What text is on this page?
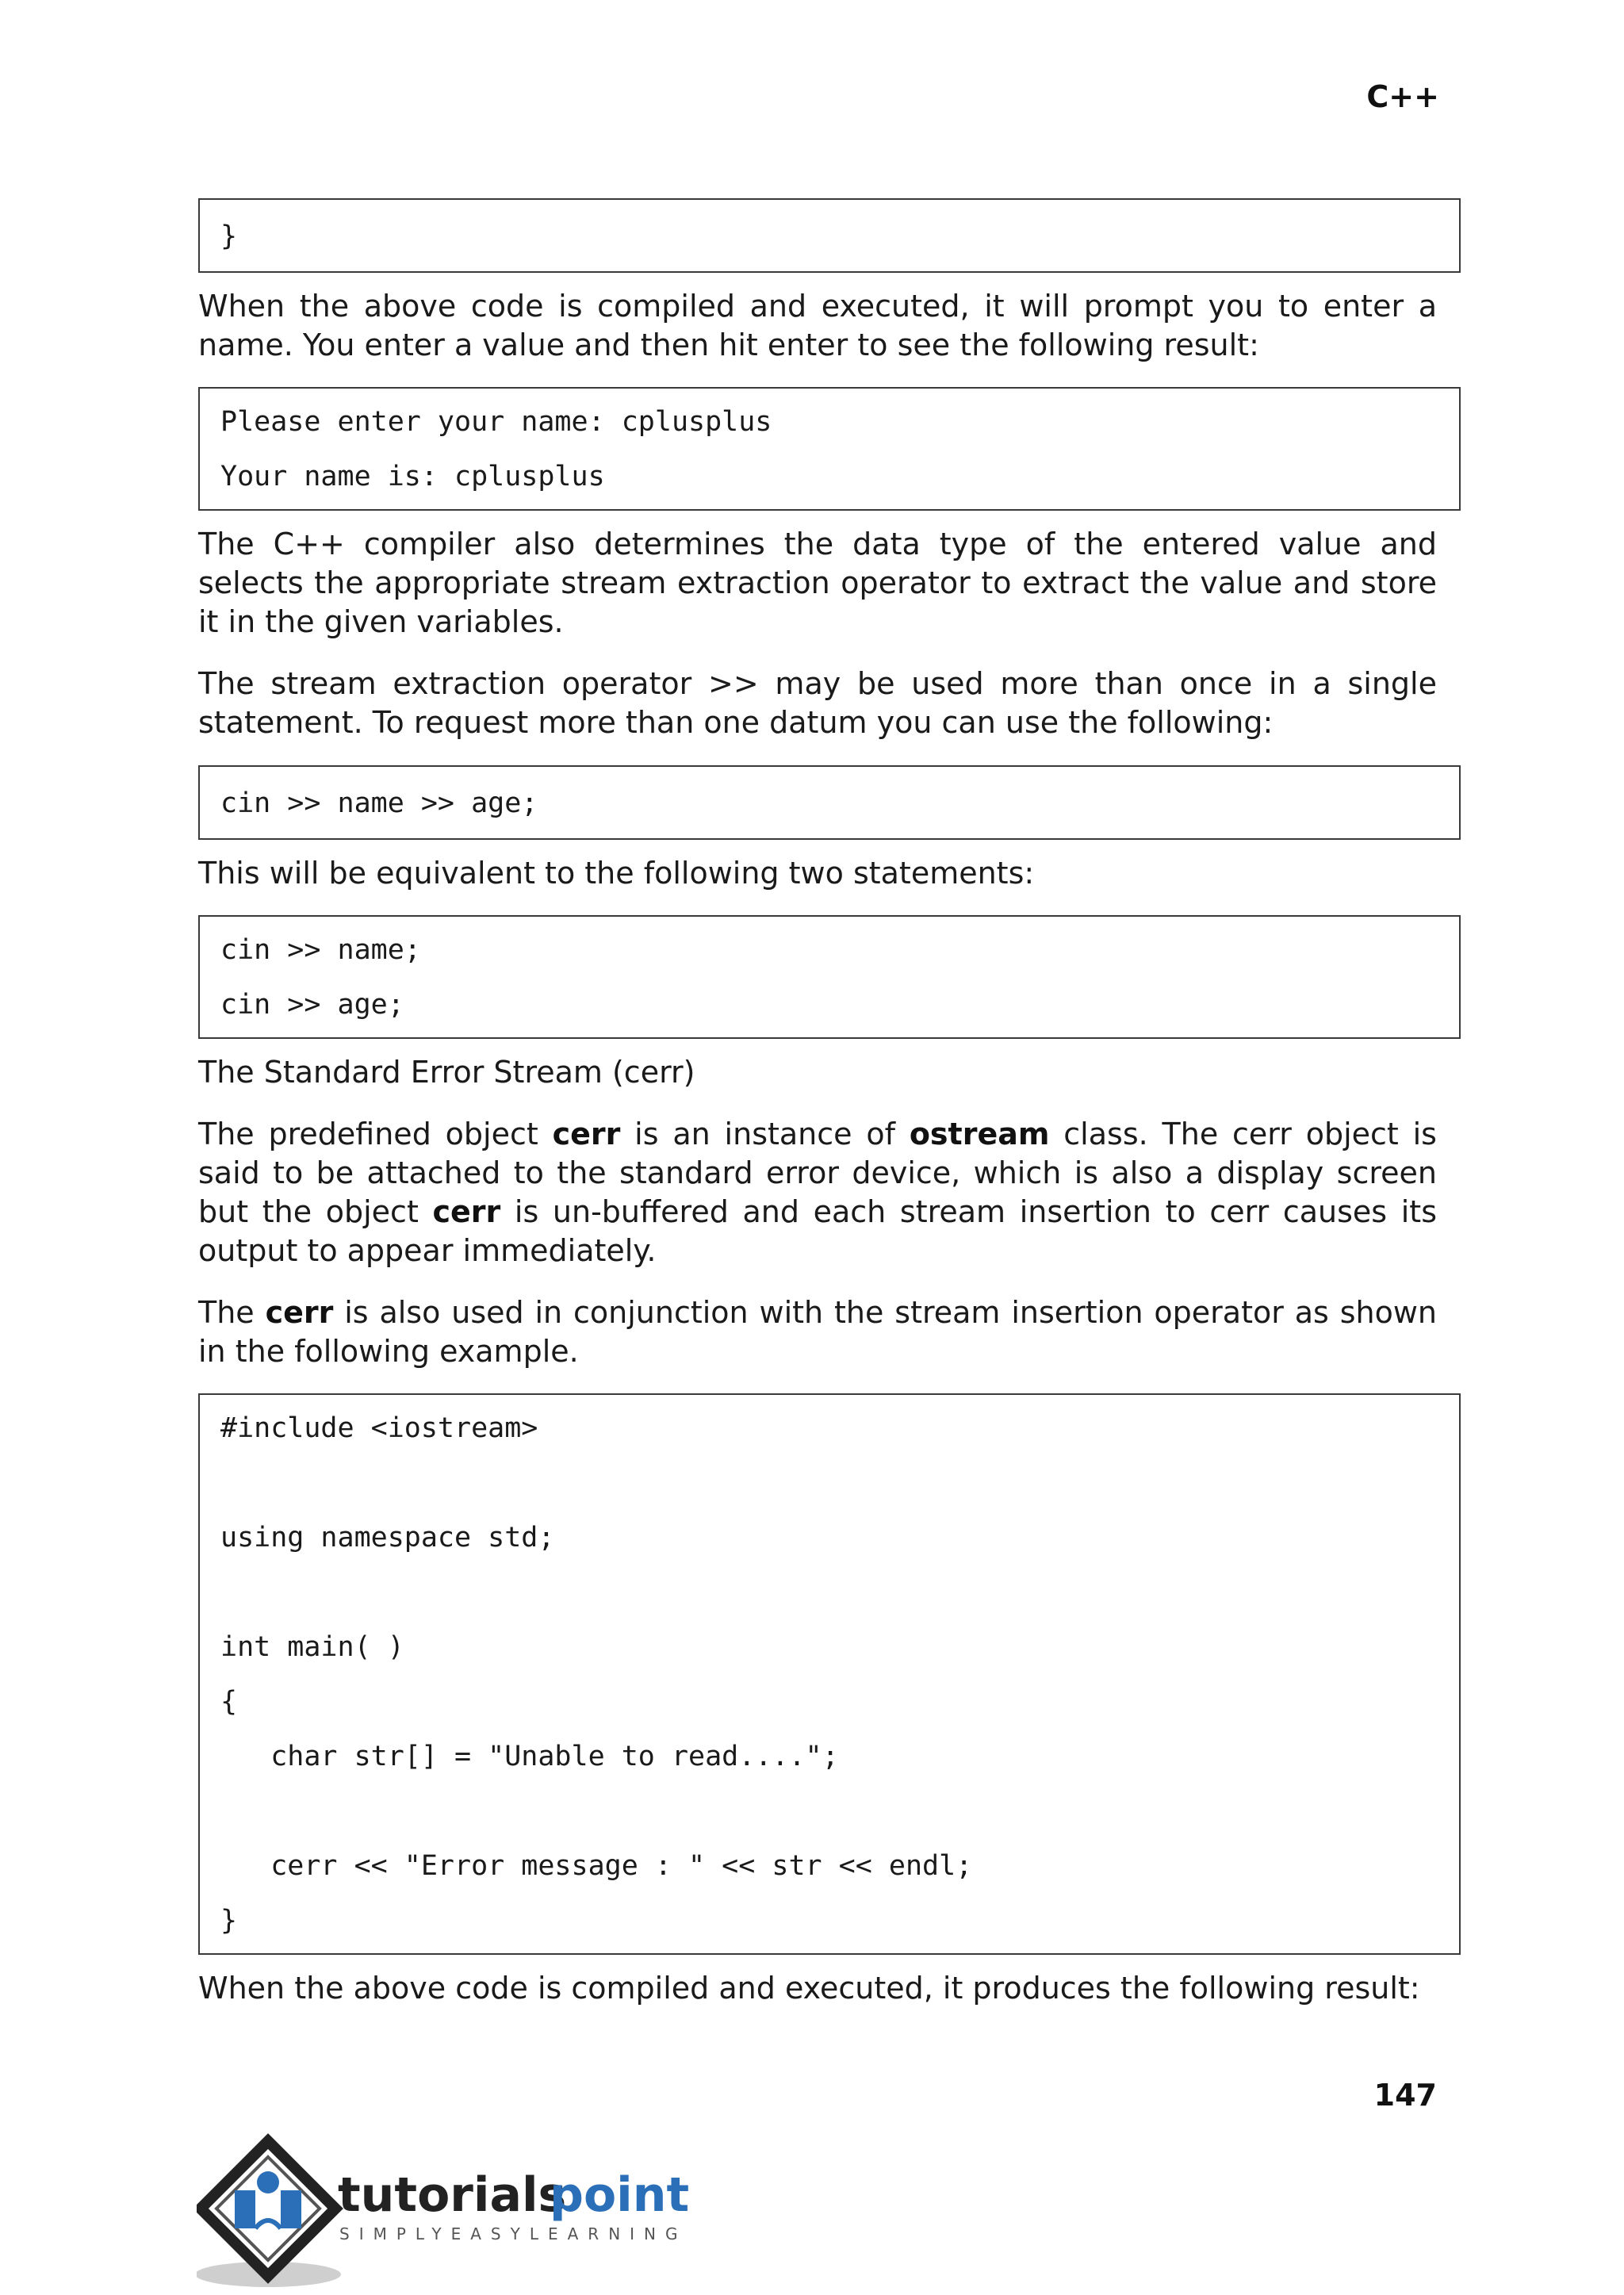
C++
}
When the above code is compiled and executed, it will prompt you to enter a name. You enter a value and then hit enter to see the following result:
Please enter your name: cplusplus
Your name is: cplusplus
The C++ compiler also determines the data type of the entered value and selects the appropriate stream extraction operator to extract the value and store it in the given variables.
The stream extraction operator >> may be used more than once in a single statement. To request more than one datum you can use the following:
cin >> name >> age;
This will be equivalent to the following two statements:
cin >> name;
cin >> age;
The Standard Error Stream (cerr)
The predefined object cerr is an instance of ostream class. The cerr object is said to be attached to the standard error device, which is also a display screen but the object cerr is un-buffered and each stream insertion to cerr causes its output to appear immediately.
The cerr is also used in conjunction with the stream insertion operator as shown in the following example.
#include <iostream>
using namespace std;
int main( )
{
char str[] = "Unable to read....";
cerr << "Error message : " << str << endl;
}
When the above code is compiled and executed, it produces the following result:
147
tutorials
point
SIMPLYEASYLEARNING
